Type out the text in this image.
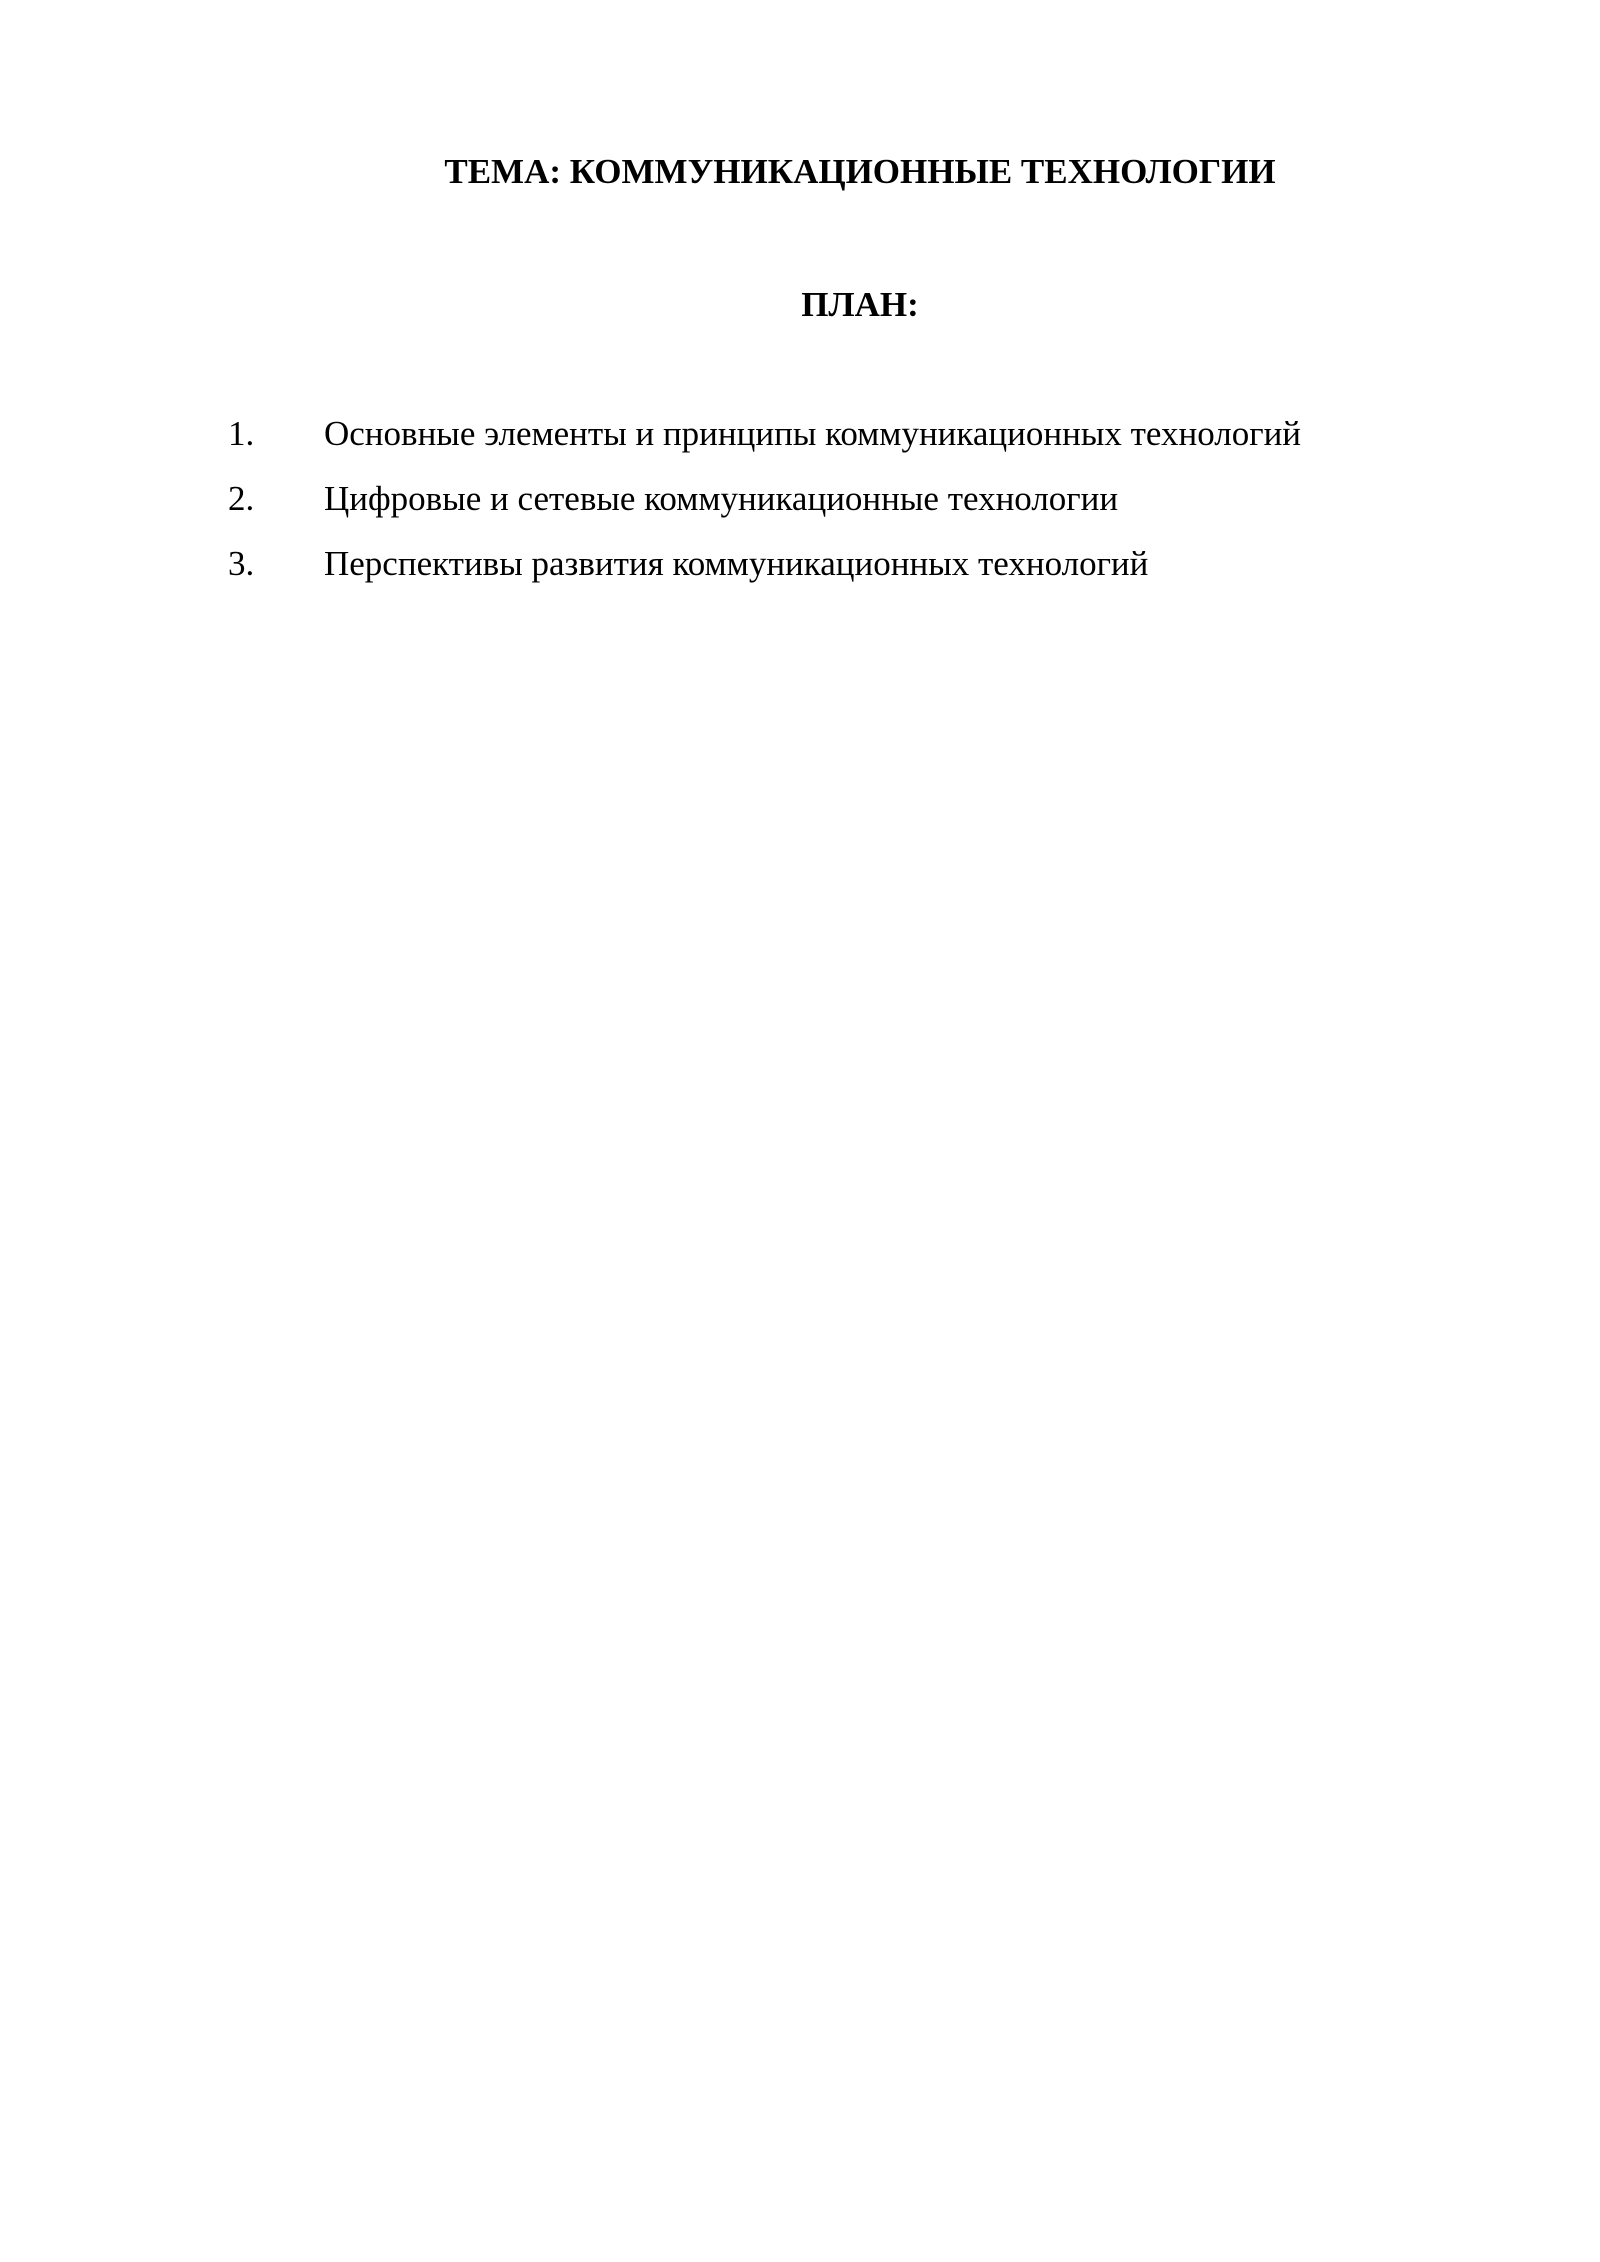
ТЕМА: КОММУНИКАЦИОННЫЕ ТЕХНОЛОГИИ
ПЛАН:
1.	Основные элементы и принципы коммуникационных технологий
2.	Цифровые и сетевые коммуникационные технологии
3.	Перспективы развития коммуникационных технологий
